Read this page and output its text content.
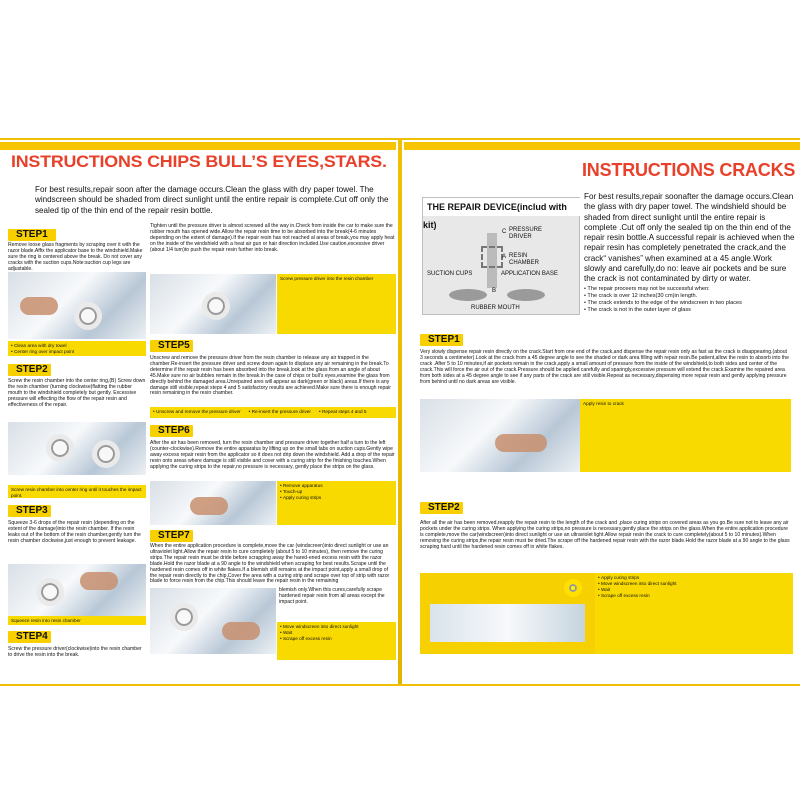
INSTRUCTIONS CHIPS BULL’S EYES,STARS.
For best results,repair soon after the damage occurs.Clean the glass with dry paper towel. The windscreen should be shaded from direct sunlight until the entire repair is complete.Cut off only the sealed tip of the thin end of the repair resin bottle.
STEP1
Remove loose glass fragments by scraping over it with the razor blade.Affix the applicator base to the windshield.Make sure the ring is centered above the break. Do not cover any cracks with the suction cups.Note:suction cup legs are adjustable.
• Clean area with dry towel
• Center ring over impact point
STEP2
Screw the resin chamber into the center ring,(B) Screw down the resin chamber (turning clockwise)flatting the rubber mouth to the windshield completely but gently. Excessive pressure will effecting the flow of the repair resin and effectiveness of the repair.
Screw resin chamber into center ring until it touches the impact point.
STEP3
Squeeze 3-6 drops of the repair resin (depending on the extent of the damage)into the resin chamber. If the resin leaks out of the bottom of the resin chamber,gently turn the resin chamber clockwise,just enough to prevent leakage.
Squeeze resin into resin chamber
STEP4
Screw the pressure driver(clockwise)into the resin chamber to drive the resin into the break.
Tighten until the pressure driver is almost screwed all the way in.Check from inside the car to make sure the rubber mouth has opened wide.Allow the repair resin time to be absorbed into the break(4-6 minutes depending on the extent of damage).If the repair resin has not reached al areas of break,you may apply heat on the inside of the windshield with a heat air gun or hair direction included.Use caution,excessive driver (about 1/4 turn)to push the repair resin further into break.
Screw pressure driver into the resin chamber
STEP5
Unscrew and remove the pressure driver from the resin chamber to release any air trapped in the chamber.Re-insert the pressure driver and screw down again to displace any air remaining in the break.To determine if the repair resin has been absorbed into the break,look at the glass from an angle of about 45.Make sure no air bubbles remain in the break.In the case of chips or bull's eyes,examine the glass from directly behind the damaged area.Unrepaired ares will appear as dark(green or black) areas.If there is any damage still visible,repeat steps 4 and 5 satisfactory results are achieved.Make sure there is enough repair resin remaining in the resin chamber.
• Unscrew and remove the pressure driver	• Re-insert the pressure driver	• Repeat steps 4 and 5
STEP6
After the air has been removed, turn the resin chamber and pressure driver together half a turn to the left (counter-clockwise).Remove the entire apparatus by lifting up on the small tabs on suction cups.Gently wipe away excess repair resin from the applicator so it does not drip down the windshield. Add a drop of the repair resin onto areas where damage is still visible and cover with a curing strip for the finishing touches.When applying the curing strips to the repair,no pressure is necessary, gently place the strips on the glass.
• Remove apparatus
• Touch-up
• Apply curing strips
STEP7
When the entire application procedure is complete,move the car (windscreen)into direct sunlight or use an ultraviolet light.Allow the repair resin to cure completely (about 5 to 10 minutes), then remove the curing strips.The repair resin must be dride before scrapping away the hared-ened excess resin with the razor blade.Hold the razor blade at a 90 angle to the windshield when scraping for best results.Scrape until the hardened resin comes off in white flakes.If a blemish still remains at the impact point,apply a small drop of the repair resin directly to the chip.Cover the area with a curing strip and scrape over top of strip with razor blade to force resin from the chip.This should leave the repair resin in the remaining
blemish only.When this cures,carefully scrape hardened repair resin from all areas except the impact point.
• Move windscreen into direct sunlight
• Wait
• Scrape off excess resin
INSTRUCTIONS CRACKS
For best results,repair soonafter the damage occurs.Clean the glass with dry paper towel. The windshield should be shaded from direct sunlight until the entire repair is complete .Cut off only the sealed tip on the thin end of the repair resin bottle.A successful repair is achieved when the repair resin has completely penetrated the crack,and the crack“ vanishes” when examined at a 45 angle.Work slowly and carefully,do no: leave air pockets and be sure the crack is not contaminated by dirty or water.
THE REPAIR DEVICE(includ with kit)	PRESSURE
DRIVER
RESIN
CHAMBER
SUCTION CUPS	APPLICATION BASE
RUBBER MOUTH
C
A
B	• The repair proceers may not be successful when:
• The crack is over 12 inches(30 cm)in length.
• The crack extends to the edge of the windscreen in two places
• The crack is not in the outer layer of glass
STEP1
Very slowly dispense repair resin directly on the crack.Start from one end of the crack,and dispense the repair resin only as fast as the crack is disappearing.(about 3 seconds a centimeter).Look at the crack from a 45 degree angle to see the shaded or dark area filling with repair resin.Be patient,allow the resin to absorb into the crack .After 5 to 10 minutes,if air pockets remain in the crack,apply a small amount of pressure from the inside of the windshield,to both sides and center of the crack.This will force the air out of the crack.Pressure should be applied carefully and sparingly,excessive pressure will extend the crack.Examine the repaired area from both sides at a 45 degree angle to see if any parts of the crack are still visible.Repeat as necessary,dispensing more repair resin and gently applying pressure from behind until no dark areas are visible.
Apply resin to crack
STEP2
After all the air has been removed,reapply the repair resin to the length of the crack and ,place curing strips on covered areas as you go.Be sure not to leave any air pockets under the curing strips. When applying the curing strips,no pressure is necessary,gently place the strips on the glass.When the entire application procedure is complete,move the car(windscreen)into direct sunlight or use an ultraviolet light.Allow repair resin the crack to cure completely(about 5 to 10 minutes).When removing the curing strips,the repair resin must be dried.The scrape off the hardened repair resin with the razor blade.Hold the razor blade at a 90 angle to the glass scraping hard until the hardened resin comes off in white flakes.
• Apply curing strips
• Move windscreen into direct sunlight
• Wait
• Scrape off excess resin
